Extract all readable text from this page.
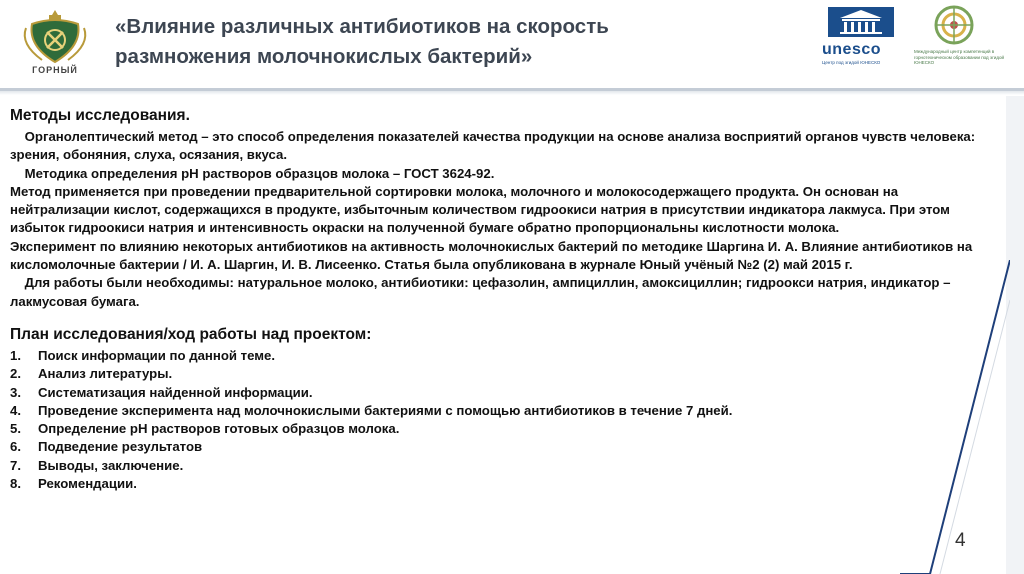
ГОРНЫЙ
«Влияние различных антибиотиков на скорость
размножения молочнокислых бактерий»	unesco
Центр под эгидой ЮНЕСКО
Международный центр компетенций в горнотехническом образовании под эгидой ЮНЕСКО
Методы исследования.

Органолептический метод – это способ определения показателей качества продукции на основе анализа восприятий органов чувств человека: зрения, обоняния, слуха, осязания, вкуса.

Методика определения pH растворов образцов молока – ГОСТ 3624-92.

Метод применяется при проведении предварительной сортировки молока, молочного и молокосодержащего продукта. Он основан на нейтрализации кислот, содержащихся в продукте, избыточным количеством гидроокиси натрия в присутствии индикатора лакмуса. При этом избыток гидроокиси натрия и интенсивность окраски на полученной бумаге обратно пропорциональны кислотности молока.

Эксперимент по влиянию некоторых антибиотиков на активность молочнокислых бактерий по методике Шаргина И. А. Влияние антибиотиков на кисломолочные бактерии / И. А. Шаргин, И. В. Лисеенко. Статья была опубликована в журнале Юный учёный №2 (2) май 2015 г.

Для работы были необходимы: натуральное молоко, антибиотики: цефазолин, ампициллин, амоксициллин; гидроокси натрия, индикатор – лакмусовая бумага.

План исследования/ход работы над проектом:
1. Поиск информации по данной теме.
2. Анализ литературы.
3. Систематизация найденной информации.
4. Проведение эксперимента над молочнокислыми бактериями с помощью антибиотиков в течение 7 дней.
5. Определение pH растворов готовых образцов молока.
6. Подведение результатов
7. Выводы, заключение.
8. Рекомендации.
4
